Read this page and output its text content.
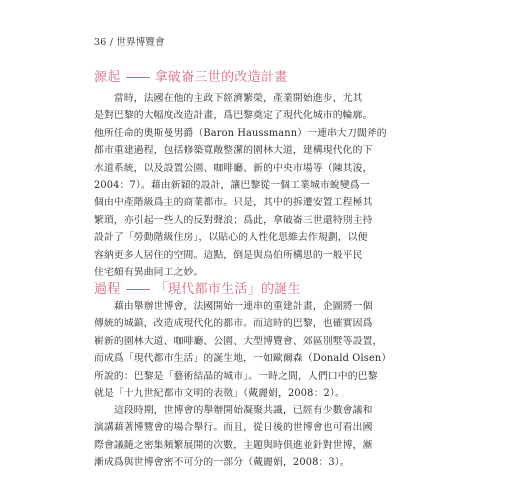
36 / 世界博覽會
源起	拿破崙三世的改造計畫
　　當時，法國在他的主政下經濟繁榮，產業開始進步，尤其
是對巴黎的大幅度改造計畫，爲巴黎奠定了現代化城市的輪廓。
他所任命的奧斯曼男爵（Baron Haussmann）一連串大刀闊斧的
都市重建過程，包括修築寬敞整潔的園林大道，建構現代化的下
水道系統，以及設置公園、咖啡廳、新的中央市場等（陳其浚，
2004：7）。藉由新穎的設計，讓巴黎從一個工業城市蛻變爲一
個由中產階級爲主的商業都市。只是，其中的拆遷安置工程極其
繁瑣，亦引起一些人的反對聲浪；爲此，拿破崙三世還特別主持
設計了「勞動階級住房」，以貼心的人性化思維去作規劃，以便
容納更多人居住的空間。這點，倒是與烏伯所構思的一般平民
住宅頗有異曲同工之妙。
過程	「現代都市生活」的誕生
　　藉由舉辦世博會，法國開始一連串的重建計畫，企圖將一個
傳統的城鎮，改造成現代化的都市。而這時的巴黎，也確實因爲
嶄新的園林大道、咖啡廳、公園、大型博覽會、郊區別墅等設置，
而成爲「現代都市生活」的誕生地，一如歐爾森（Donald Olsen）
所說的：巴黎是「藝術結晶的城市」。一時之間，人們口中的巴黎
就是「十九世紀都市文明的表徵」（戴麗娟，2008：2）。
　　這段時期，世博會的舉辦開始凝聚共識，已經有少數會議和
演講藉著博覽會的場合舉行。而且，從日後的世博會也可看出國
際會議隨之密集頻繁展開的次數，主題與時俱進並針對世博，漸
漸成爲與世博會密不可分的一部分（戴麗娟，2008：3）。
